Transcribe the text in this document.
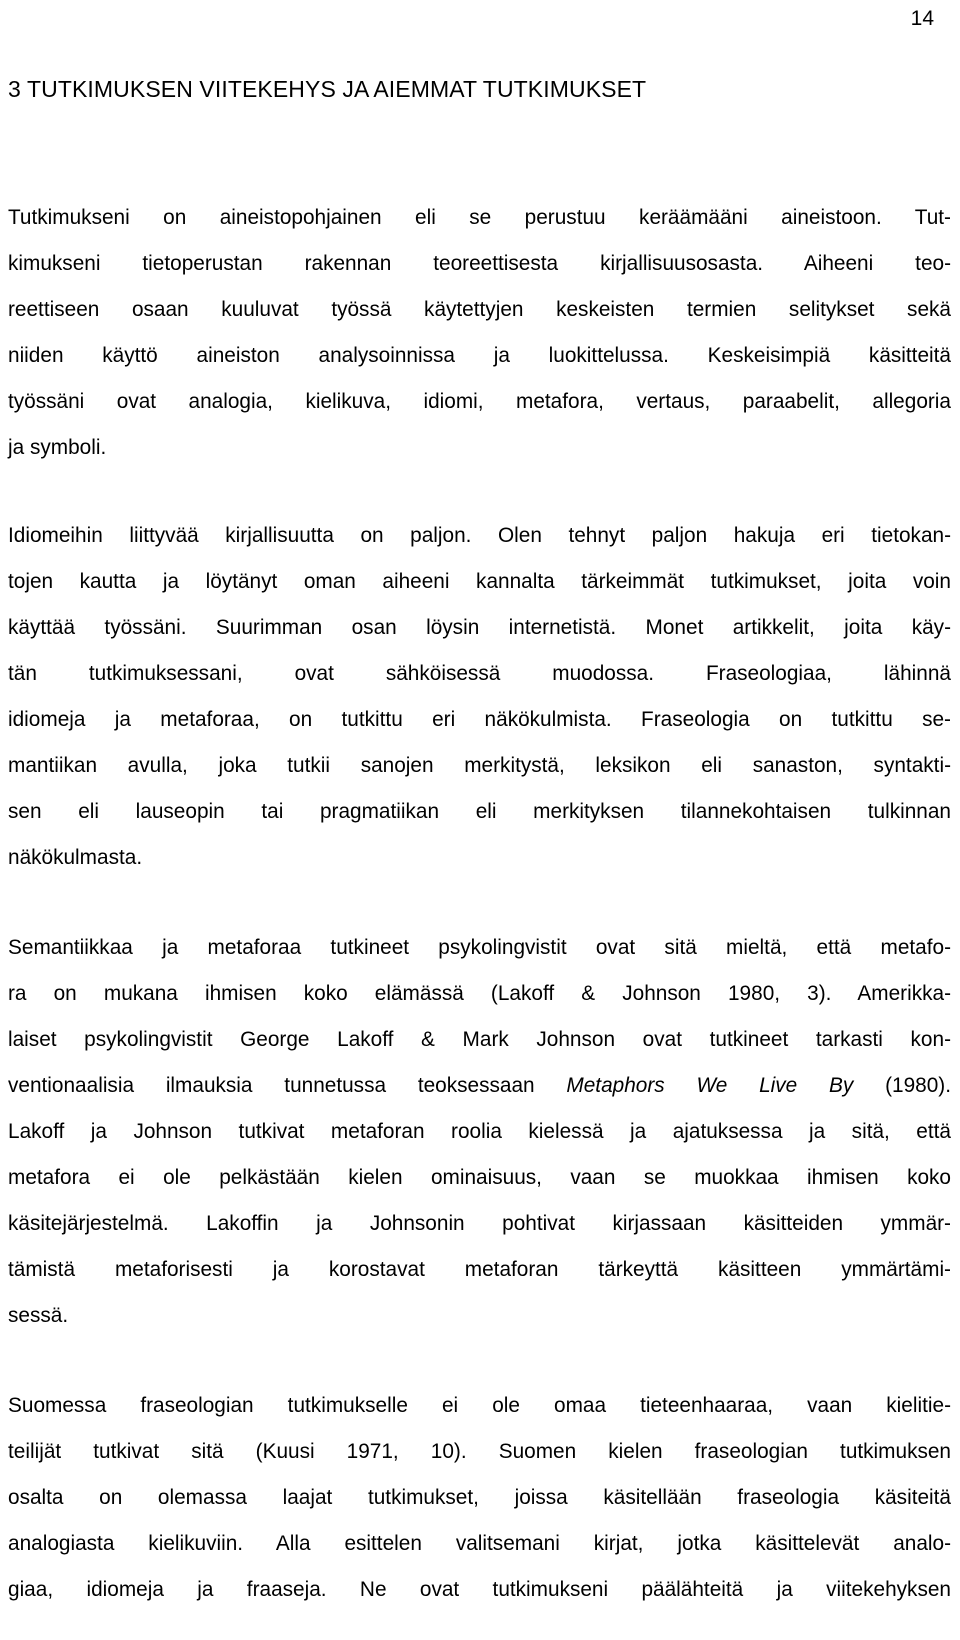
14
3 TUTKIMUKSEN VIITEKEHYS JA AIEMMAT TUTKIMUKSET
Tutkimukseni on aineistopohjainen eli se perustuu keräämääni aineistoon. Tut-
kimukseni tietoperustan rakennan teoreettisesta kirjallisuusosasta. Aiheeni teo-
reettiseen osaan kuuluvat työssä käytettyjen keskeisten termien selitykset sekä
niiden käyttö aineiston analysoinnissa ja luokittelussa. Keskeisimpiä käsitteitä
työssäni ovat analogia, kielikuva, idiomi, metafora, vertaus, paraabelit, allegoria
ja symboli.
Idiomeihin liittyvää kirjallisuutta on paljon. Olen tehnyt paljon hakuja eri tietokan-
tojen kautta ja löytänyt oman aiheeni kannalta tärkeimmät tutkimukset, joita voin
käyttää työssäni. Suurimman osan löysin internetistä. Monet artikkelit, joita käy-
tän tutkimuksessani, ovat sähköisessä muodossa. Fraseologiaa, lähinnä
idiomeja ja metaforaa, on tutkittu eri näkökulmista. Fraseologia on tutkittu se-
mantiikan avulla, joka tutkii sanojen merkitystä, leksikon eli sanaston, syntakti-
sen eli lauseopin tai pragmatiikan eli merkityksen tilannekohtaisen tulkinnan
näkökulmasta.
Semantiikkaa ja metaforaa tutkineet psykolingvistit ovat sitä mieltä, että metafo-
ra on mukana ihmisen koko elämässä (Lakoff & Johnson 1980, 3). Amerikka-
laiset psykolingvistit George Lakoff & Mark Johnson ovat tutkineet tarkasti kon-
ventionaalisia ilmauksia tunnetussa teoksessaan Metaphors We Live By (1980).
Lakoff ja Johnson tutkivat metaforan roolia kielessä ja ajatuksessa ja sitä, että
metafora ei ole pelkästään kielen ominaisuus, vaan se muokkaa ihmisen koko
käsitejärjestelmä. Lakoffin ja Johnsonin pohtivat kirjassaan käsitteiden ymmär-
tämistä metaforisesti ja korostavat metaforan tärkeyttä käsitteen ymmärtämi-
sessä.
Suomessa fraseologian tutkimukselle ei ole omaa tieteenhaaraa, vaan kielitie-
teilijät tutkivat sitä (Kuusi 1971, 10). Suomen kielen fraseologian tutkimuksen
osalta on olemassa laajat tutkimukset, joissa käsitellään fraseologia käsiteitä
analogiasta kielikuviin. Alla esittelen valitsemani kirjat, jotka käsittelevät analo-
giaa, idiomeja ja fraaseja. Ne ovat tutkimukseni päälähteitä ja viitekehyksen
